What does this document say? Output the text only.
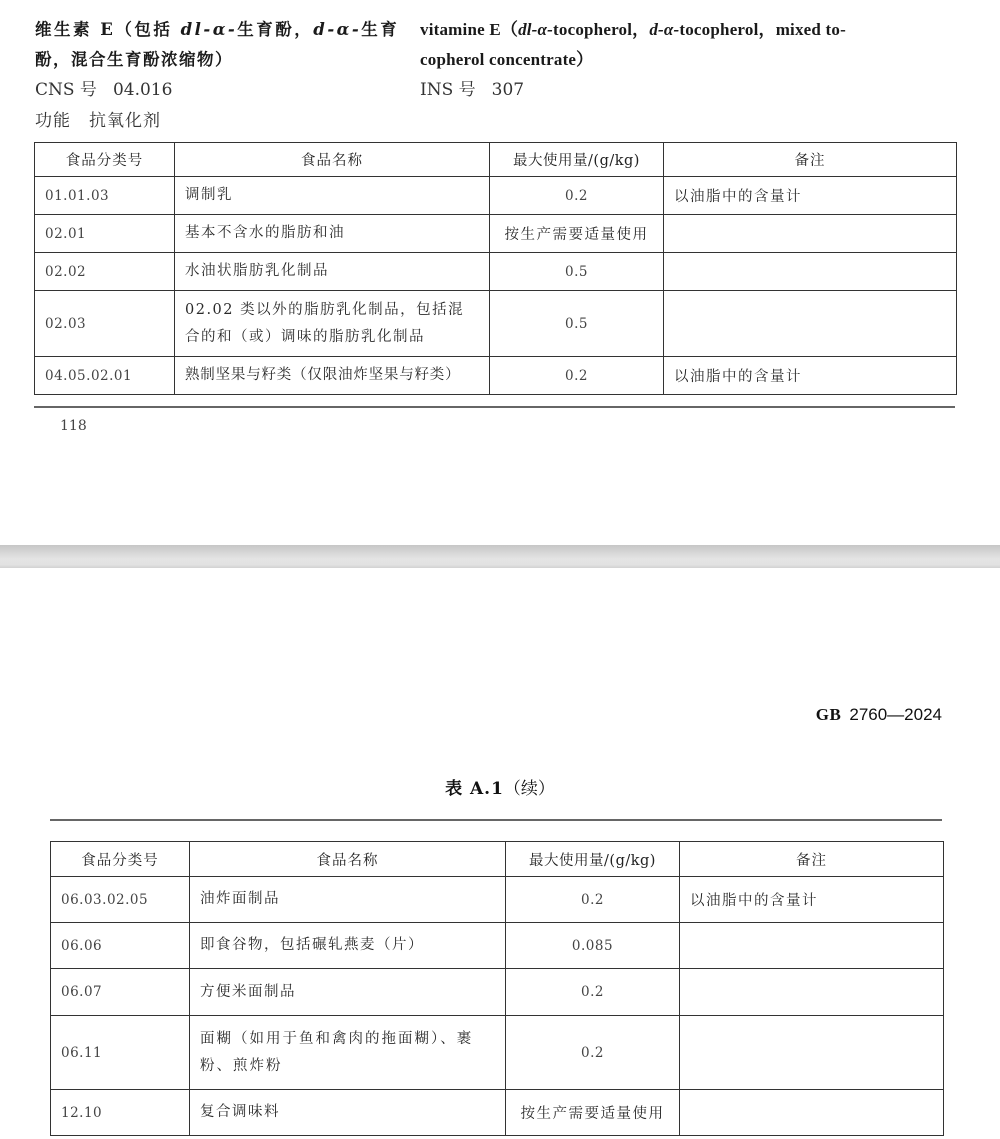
维生素 E（包括 dl-α-生育酚，d-α-生育
酚，混合生育酚浓缩物）
vitamine E（dl-α-tocopherol，d-α-tocopherol，mixed to-
copherol concentrate）
CNS 号 04.016	INS 号 307
功能 抗氧化剂
食品分类号	食品名称	最大使用量/(g/kg)	备注
01.01.03	调制乳	0.2	以油脂中的含量计
02.01	基本不含水的脂肪和油	按生产需要适量使用	
02.02	水油状脂肪乳化制品	0.5	
02.03	02.02 类以外的脂肪乳化制品，包括混合的和（或）调味的脂肪乳化制品	0.5	
04.05.02.01	熟制坚果与籽类（仅限油炸坚果与籽类）	0.2	以油脂中的含量计
118
GB 2760—2024
表 A.1（续）
食品分类号	食品名称	最大使用量/(g/kg)	备注
06.03.02.05	油炸面制品	0.2	以油脂中的含量计
06.06	即食谷物，包括碾轧燕麦（片）	0.085	
06.07	方便米面制品	0.2	
06.11	面糊（如用于鱼和禽肉的拖面糊）、裹粉、煎炸粉	0.2	
12.10	复合调味料	按生产需要适量使用	
